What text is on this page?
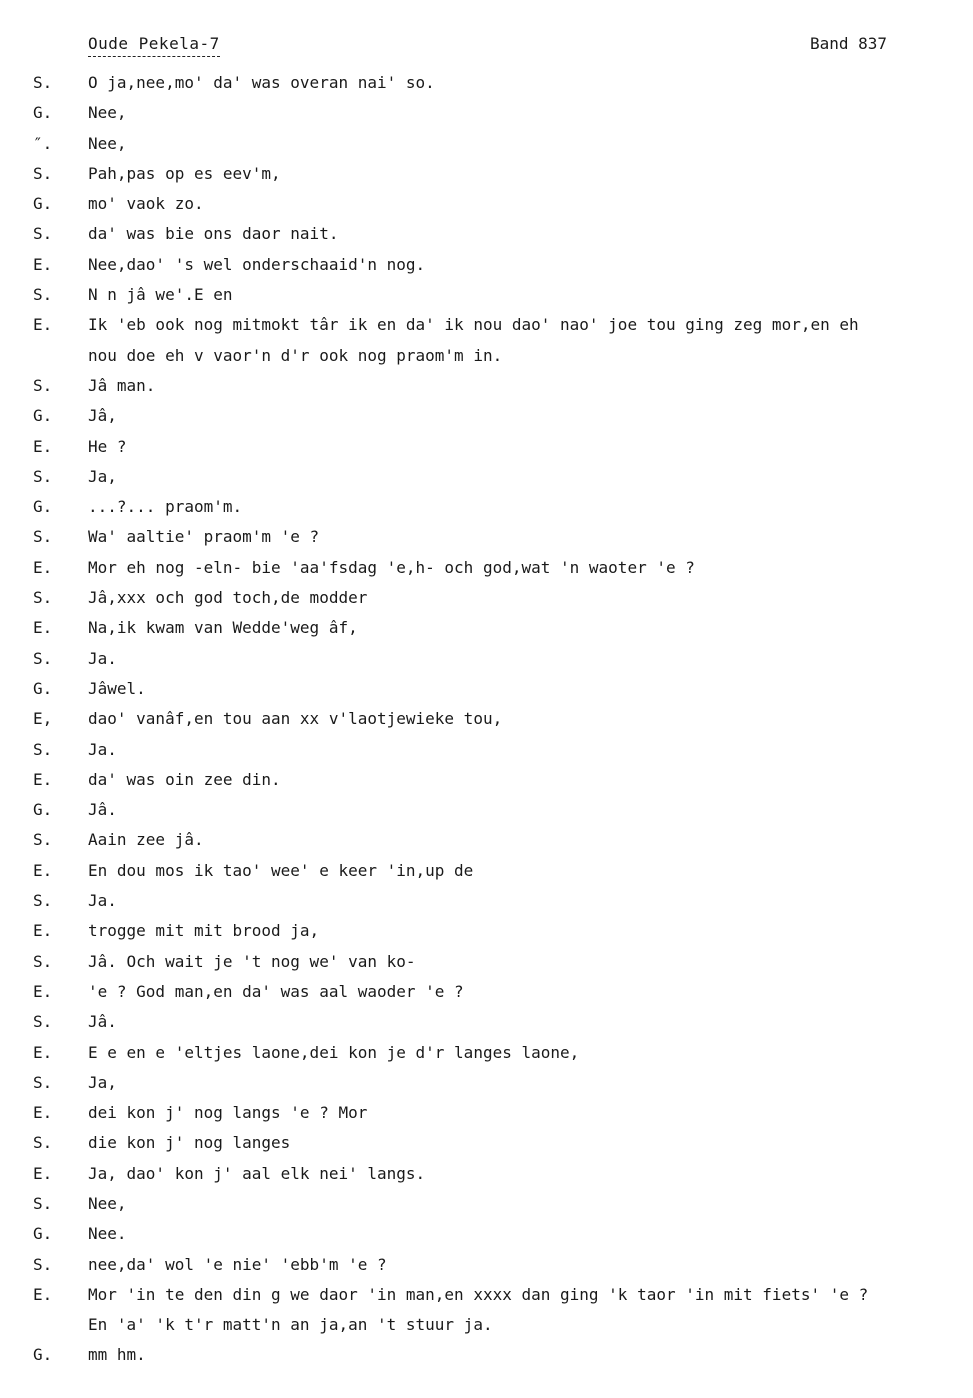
Oude Pekela-7	Band 837
S.	O ja,nee,mo' da' was overan nai' so.
G.	Nee,
″.	Nee,
S.	Pah,pas op es eev'm,
G.	mo' vaok zo.
S.	da' was bie ons daor nait.
E.	Nee,dao' 's wel onderschaaid'n nog.
S.	N n jâ we'.E en
E.	Ik 'eb ook nog mitmokt târ ik en da' ik nou dao' nao' joe tou ging zeg mor,en eh
nou doe eh v vaor'n d'r ook nog praom'm in.
S.	Jâ man.
G.	Jâ,
E.	He ?
S.	Ja,
G.	...?... praom'm.
S.	Wa' aaltie' praom'm 'e ?
E.	Mor eh nog -eln- bie 'aa'fsdag 'e,h- och god,wat 'n waoter 'e ?
S.	Jâ,xxx och god toch,de modder
E.	Na,ik kwam van Wedde'weg âf,
S.	Ja.
G.	Jâwel.
E,	dao' vanâf,en tou aan xx v'laotjewieke tou,
S.	Ja.
E.	da' was oin zee din.
G.	Jâ.
S.	Aain zee jâ.
E.	En dou mos ik tao' wee' e keer 'in,up de
S.	Ja.
E.	trogge mit mit brood ja,
S.	Jâ. Och wait je 't nog we' van ko-
E.	'e ? God man,en da' was aal waoder 'e ?
S.	Jâ.
E.	E e en e 'eltjes laone,dei kon je d'r langes laone,
S.	Ja,
E.	dei kon j' nog langs 'e ? Mor
S.	die kon j' nog langes
E.	Ja, dao' kon j' aal elk nei' langs.
S.	Nee,
G.	Nee.
S.	nee,da' wol 'e nie' 'ebb'm 'e ?
E.	Mor 'in te den din g we daor 'in man,en xxxx dan ging 'k taor 'in mit fiets' 'e ?
En 'a' 'k t'r matt'n an ja,an 't stuur ja.
G.	mm hm.
